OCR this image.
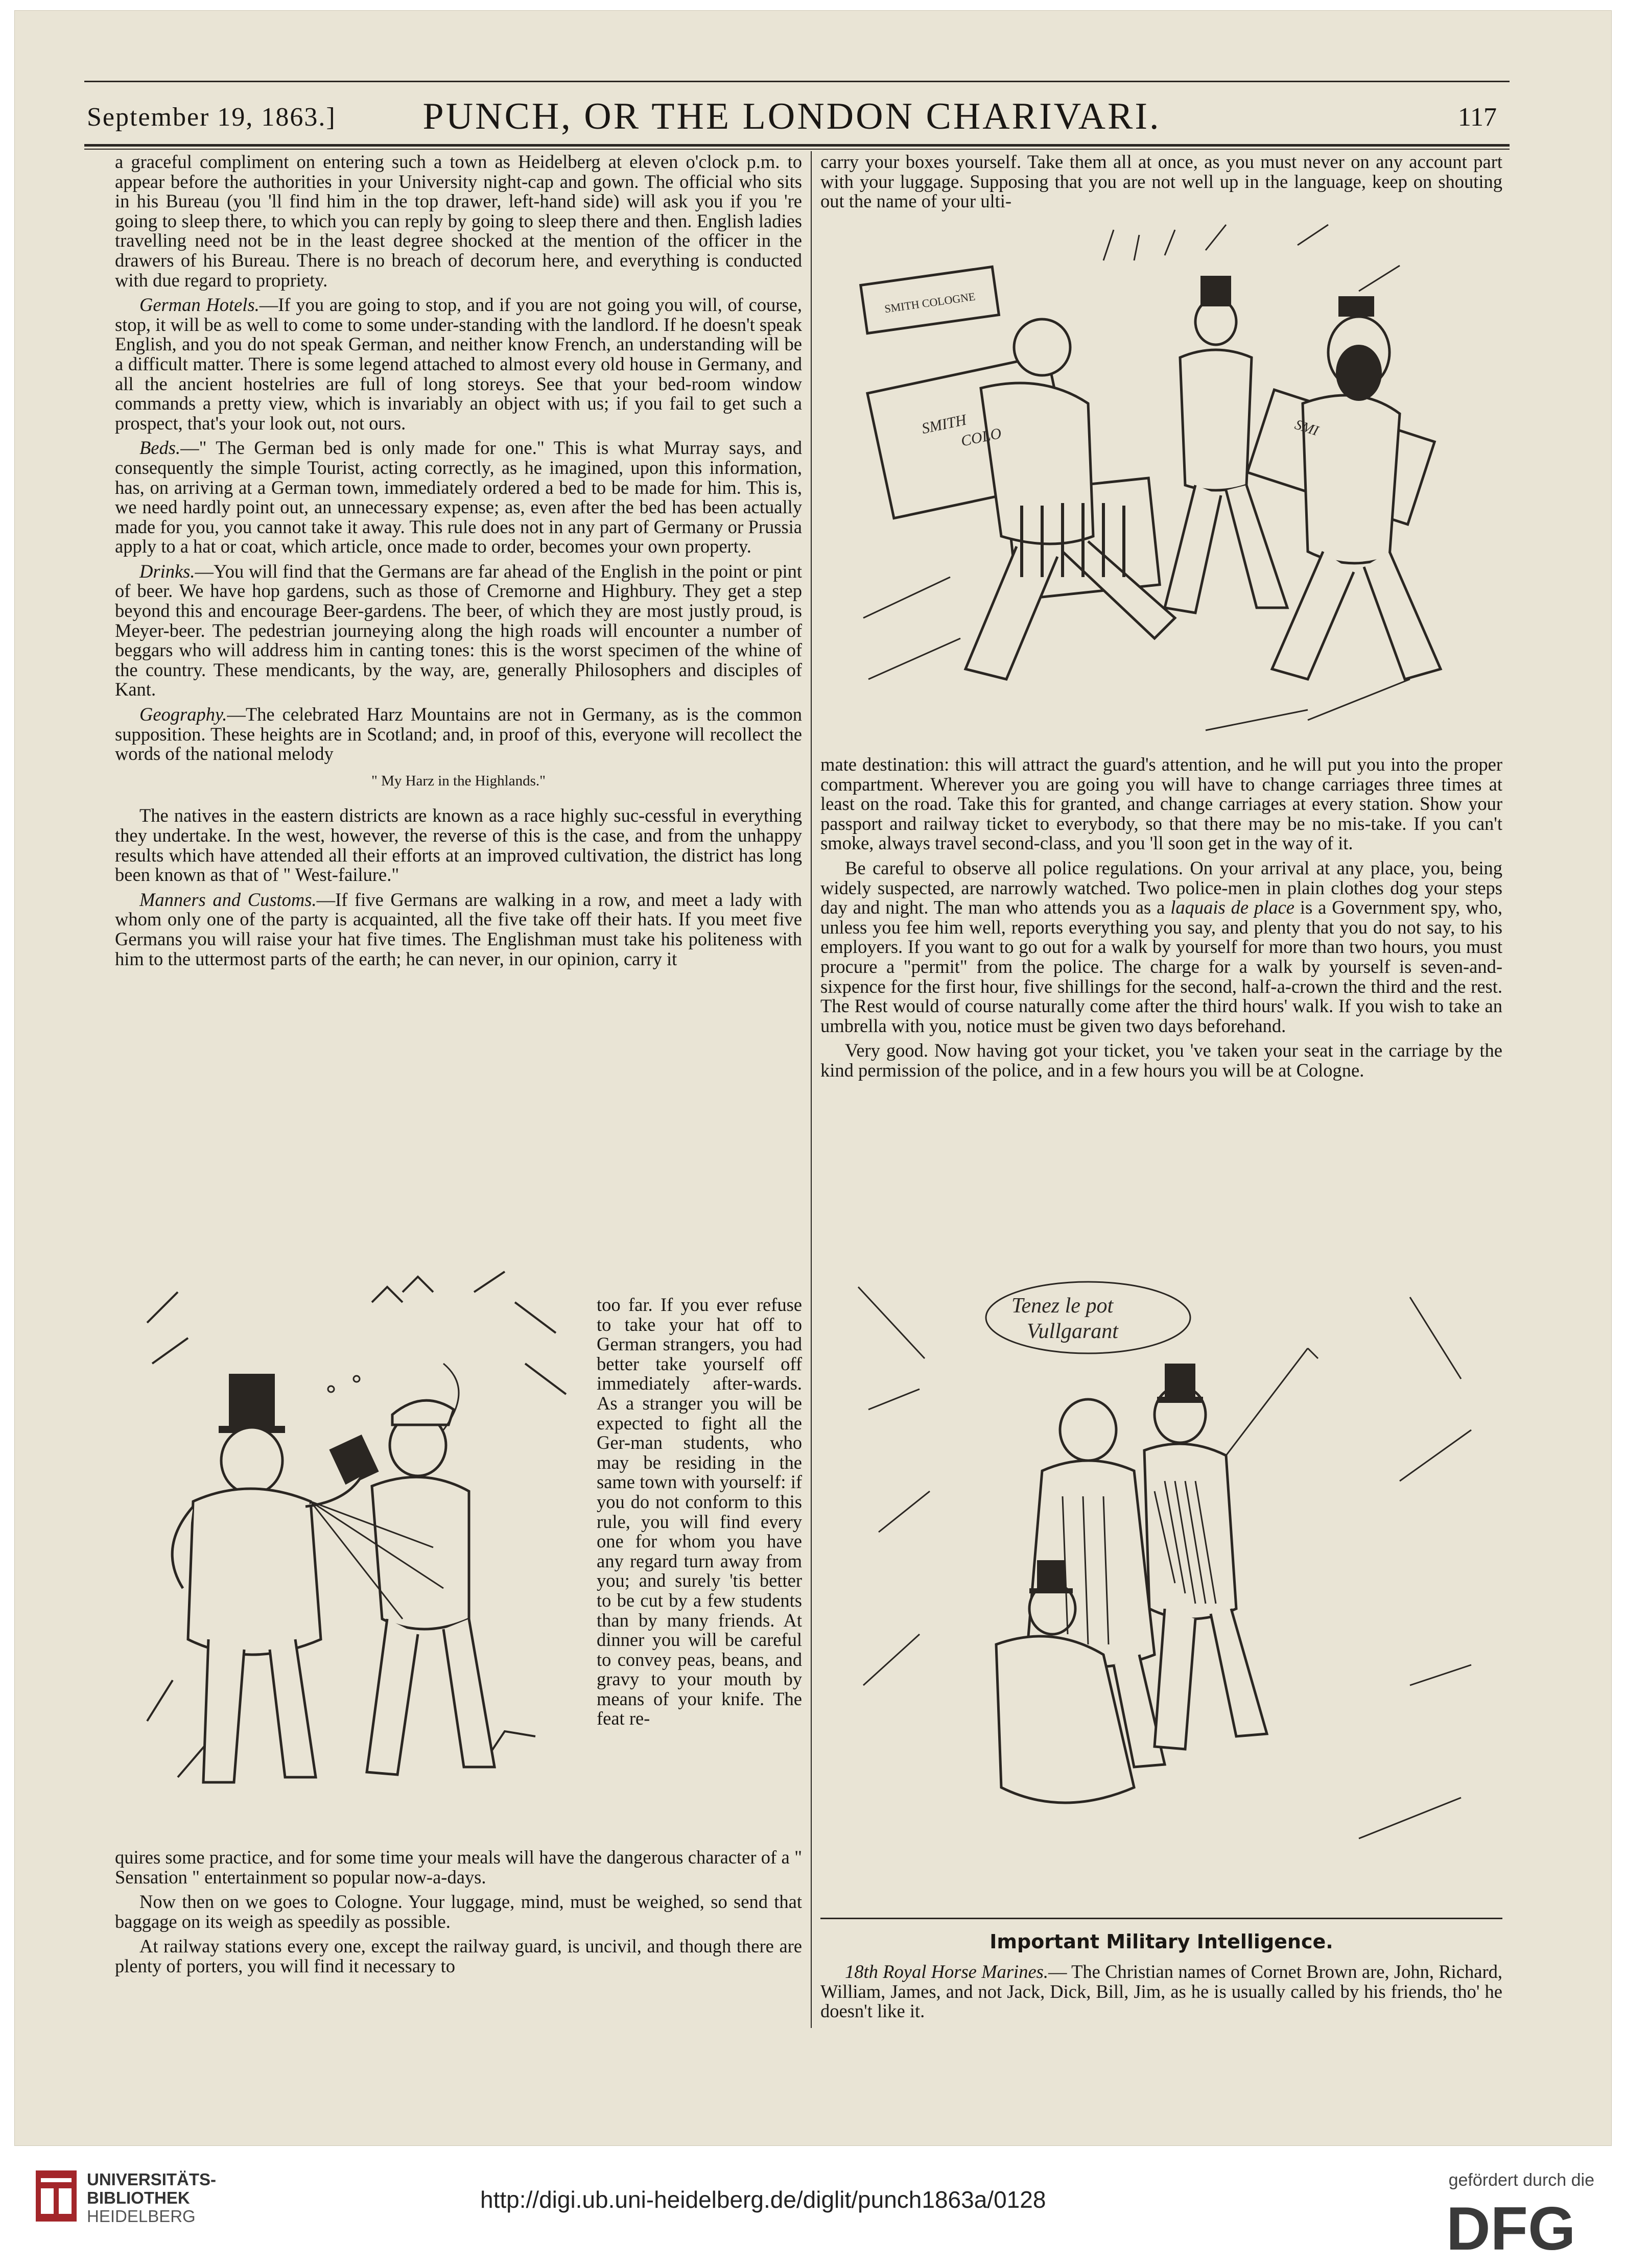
September 19, 1863.]	PUNCH, OR THE LONDON CHARIVARI.	117

a graceful compliment on entering such a town as Heidelberg at eleven o'clock p.m. to appear before the authorities in your University night-cap and gown. The official who sits in his Bureau (you 'll find him in the top drawer, left-hand side) will ask you if you 're going to sleep there, to which you can reply by going to sleep there and then. English ladies travelling need not be in the least degree shocked at the mention of the officer in the drawers of his Bureau. There is no breach of decorum here, and everything is conducted with due regard to propriety.

German Hotels.—If you are going to stop, and if you are not going you will, of course, stop, it will be as well to come to some under-standing with the landlord. If he doesn't speak English, and you do not speak German, and neither know French, an understanding will be a difficult matter. There is some legend attached to almost every old house in Germany, and all the ancient hostelries are full of long storeys. See that your bed-room window commands a pretty view, which is invariably an object with us; if you fail to get such a prospect, that's your look out, not ours.

Beds.—" The German bed is only made for one." This is what Murray says, and consequently the simple Tourist, acting correctly, as he imagined, upon this information, has, on arriving at a German town, immediately ordered a bed to be made for him. This is, we need hardly point out, an unnecessary expense; as, even after the bed has been actually made for you, you cannot take it away. This rule does not in any part of Germany or Prussia apply to a hat or coat, which article, once made to order, becomes your own property.

Drinks.—You will find that the Germans are far ahead of the English in the point or pint of beer. We have hop gardens, such as those of Cremorne and Highbury. They get a step beyond this and encourage Beer-gardens. The beer, of which they are most justly proud, is Meyer-beer. The pedestrian journeying along the high roads will encounter a number of beggars who will address him in canting tones: this is the worst specimen of the whine of the country. These mendicants, by the way, are, generally Philosophers and disciples of Kant.

Geography.—The celebrated Harz Mountains are not in Germany, as is the common supposition. These heights are in Scotland; and, in proof of this, everyone will recollect the words of the national melody

" My Harz in the Highlands."

The natives in the eastern districts are known as a race highly suc-cessful in everything they undertake. In the west, however, the reverse of this is the case, and from the unhappy results which have attended all their efforts at an improved cultivation, the district has long been known as that of " West-failure."

Manners and Customs.—If five Germans are walking in a row, and meet a lady with whom only one of the party is acquainted, all the five take off their hats. If you meet five Germans you will raise your hat five times. The Englishman must take his politeness with him to the uttermost parts of the earth; he can never, in our opinion, carry it

too far. If you ever refuse to take your hat off to German strangers, you had better take yourself off immediately after-wards. As a stranger you will be expected to fight all the Ger-man students, who may be residing in the same town with yourself: if you do not conform to this rule, you will find every one for whom you have any regard turn away from you; and surely 'tis better to be cut by a few students than by many friends. At dinner you will be careful to convey peas, beans, and gravy to your mouth by means of your knife. The feat re-

quires some practice, and for some time your meals will have the dangerous character of a " Sensation " entertainment so popular now-a-days.

Now then on we goes to Cologne. Your luggage, mind, must be weighed, so send that baggage on its weigh as speedily as possible.

At railway stations every one, except the railway guard, is uncivil, and though there are plenty of porters, you will find it necessary to

carry your boxes yourself. Take them all at once, as you must never on any account part with your luggage. Supposing that you are not well up in the language, keep on shouting out the name of your ulti-

SMITH COLOGNE
SMITH
COLO	SMI

mate destination: this will attract the guard's attention, and he will put you into the proper compartment. Wherever you are going you will have to change carriages three times at least on the road. Take this for granted, and change carriages at every station. Show your passport and railway ticket to everybody, so that there may be no mis-take. If you can't smoke, always travel second-class, and you 'll soon get in the way of it.

Be careful to observe all police regulations. On your arrival at any place, you, being widely suspected, are narrowly watched. Two police-men in plain clothes dog your steps day and night. The man who attends you as a laquais de place is a Government spy, who, unless you fee him well, reports everything you say, and plenty that you do not say, to his employers. If you want to go out for a walk by yourself for more than two hours, you must procure a "permit" from the police. The charge for a walk by yourself is seven-and-sixpence for the first hour, five shillings for the second, half-a-crown the third and the rest. The Rest would of course naturally come after the third hours' walk. If you wish to take an umbrella with you, notice must be given two days beforehand.

Very good. Now having got your ticket, you 've taken your seat in the carriage by the kind permission of the police, and in a few hours you will be at Cologne.

Tenez le pot
Vullgarant
Important Military Intelligence.

18th Royal Horse Marines.— The Christian names of Cornet Brown are, John, Richard, William, James, and not Jack, Dick, Bill, Jim, as he is usually called by his friends, tho' he doesn't like it.

UNIVERSITÄTS-
BIBLIOTHEK
HEIDELBERG
http://digi.ub.uni-heidelberg.de/diglit/punch1863a/0128
gefördert durch die
DFG
